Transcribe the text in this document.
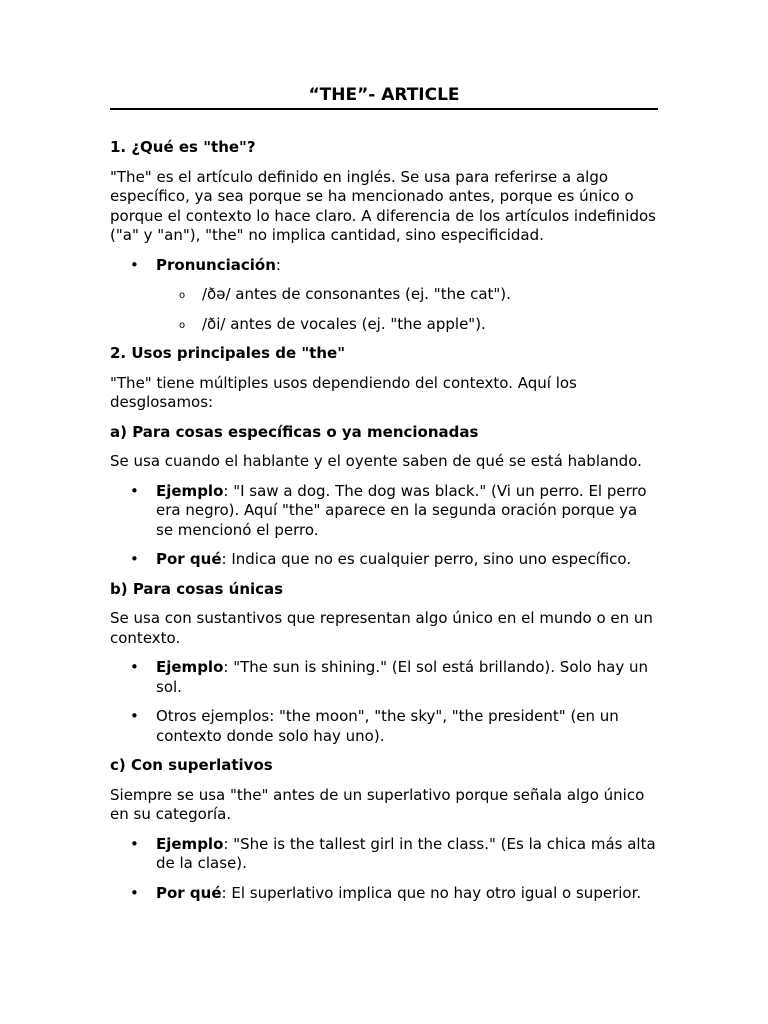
“THE”- ARTICLE
1. ¿Qué es "the"?

"The" es el artículo definido en inglés. Se usa para referirse a algo específico, ya sea porque se ha mencionado antes, porque es único o porque el contexto lo hace claro. A diferencia de los artículos indefinidos ("a" y "an"), "the" no implica cantidad, sino especificidad.

• Pronunciación:
o /ðə/ antes de consonantes (ej. "the cat").
o /ði/ antes de vocales (ej. "the apple").
2. Usos principales de "the"

"The" tiene múltiples usos dependiendo del contexto. Aquí los desglosamos:

a) Para cosas específicas o ya mencionadas

Se usa cuando el hablante y el oyente saben de qué se está hablando.

• Ejemplo: "I saw a dog. The dog was black." (Vi un perro. El perro era negro). Aquí "the" aparece en la segunda oración porque ya se mencionó el perro.
• Por qué: Indica que no es cualquier perro, sino uno específico.
b) Para cosas únicas

Se usa con sustantivos que representan algo único en el mundo o en un contexto.

• Ejemplo: "The sun is shining." (El sol está brillando). Solo hay un sol.
• Otros ejemplos: "the moon", "the sky", "the president" (en un contexto donde solo hay uno).
c) Con superlativos

Siempre se usa "the" antes de un superlativo porque señala algo único en su categoría.

• Ejemplo: "She is the tallest girl in the class." (Es la chica más alta de la clase).
• Por qué: El superlativo implica que no hay otro igual o superior.
